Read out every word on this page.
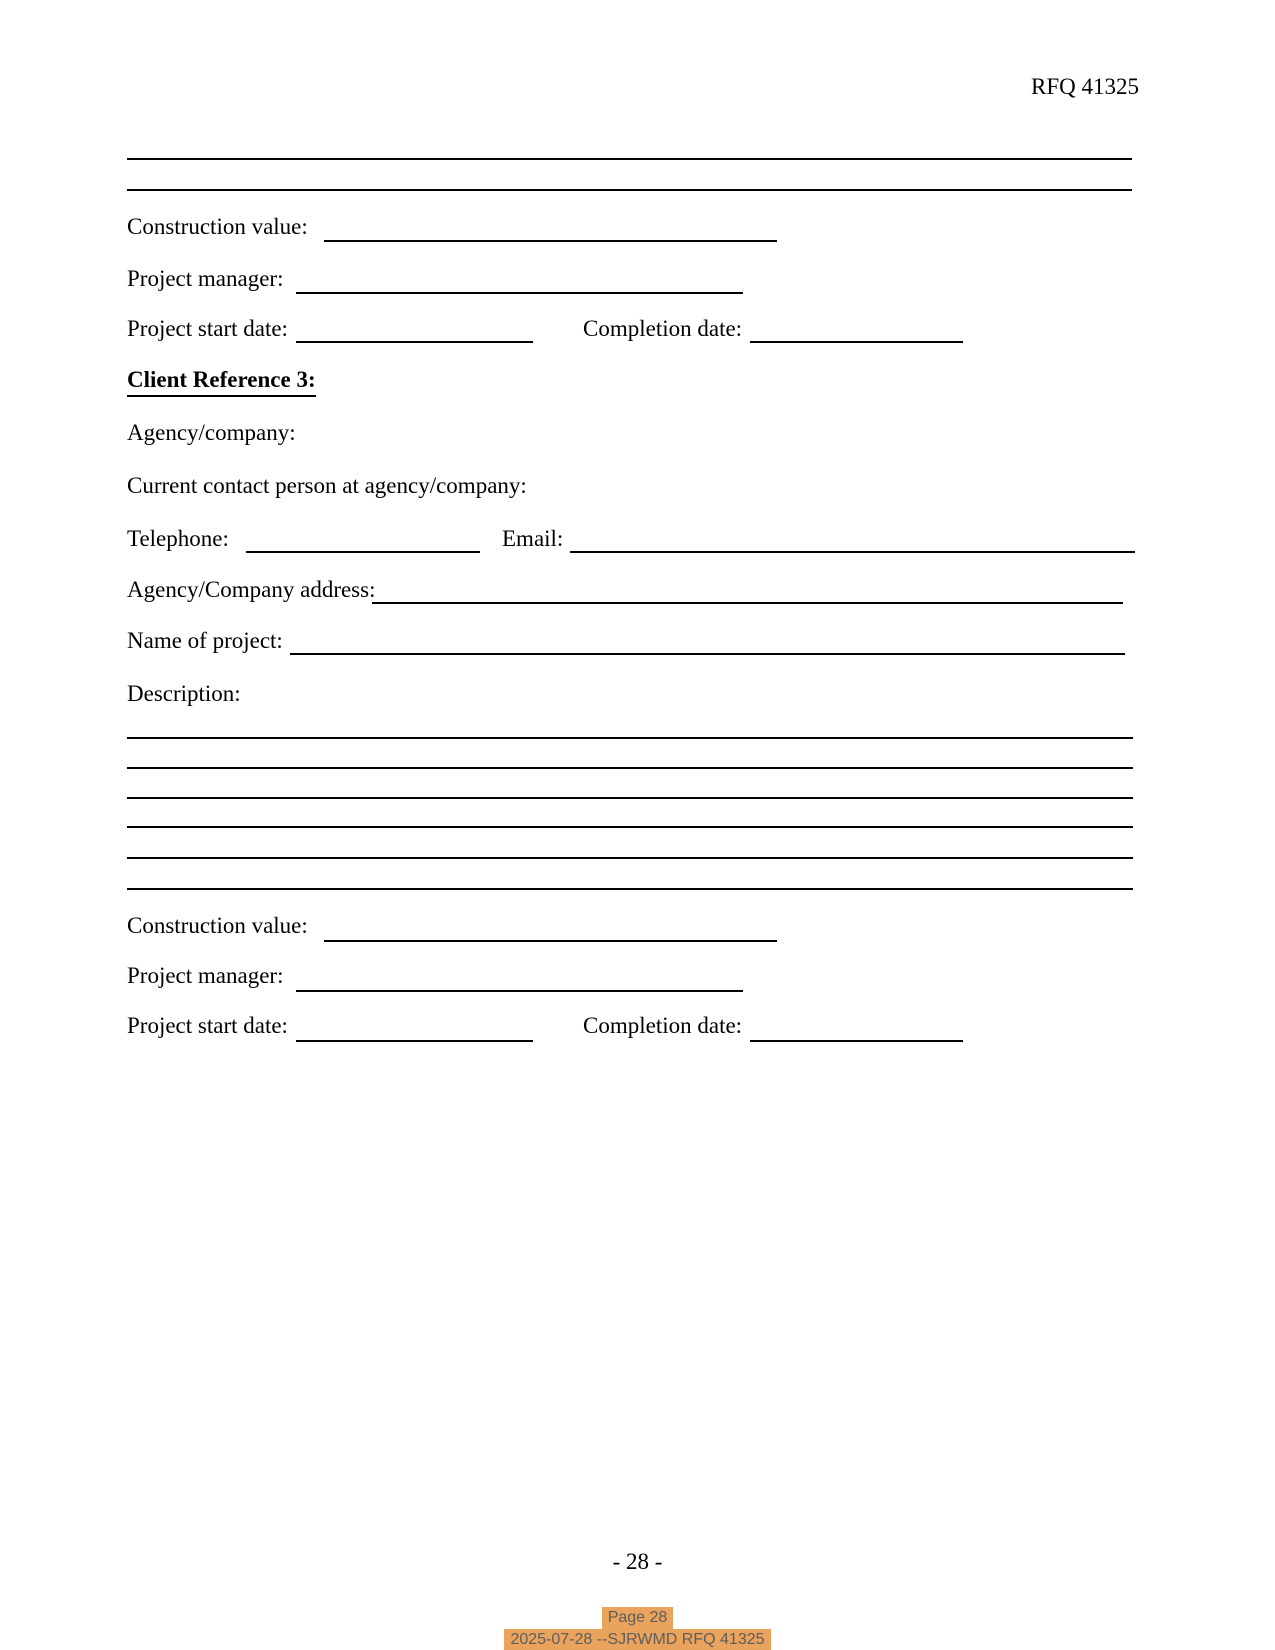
RFQ 41325
Construction value:
Project manager:
Project start date:	Completion date:
Client Reference 3:
Agency/company:
Current contact person at agency/company:
Telephone:	Email:
Agency/Company address:
Name of project:
Description:
Construction value:
Project manager:
Project start date:	Completion date:
- 28 -
Page 28
2025-07-28 --SJRWMD RFQ 41325
